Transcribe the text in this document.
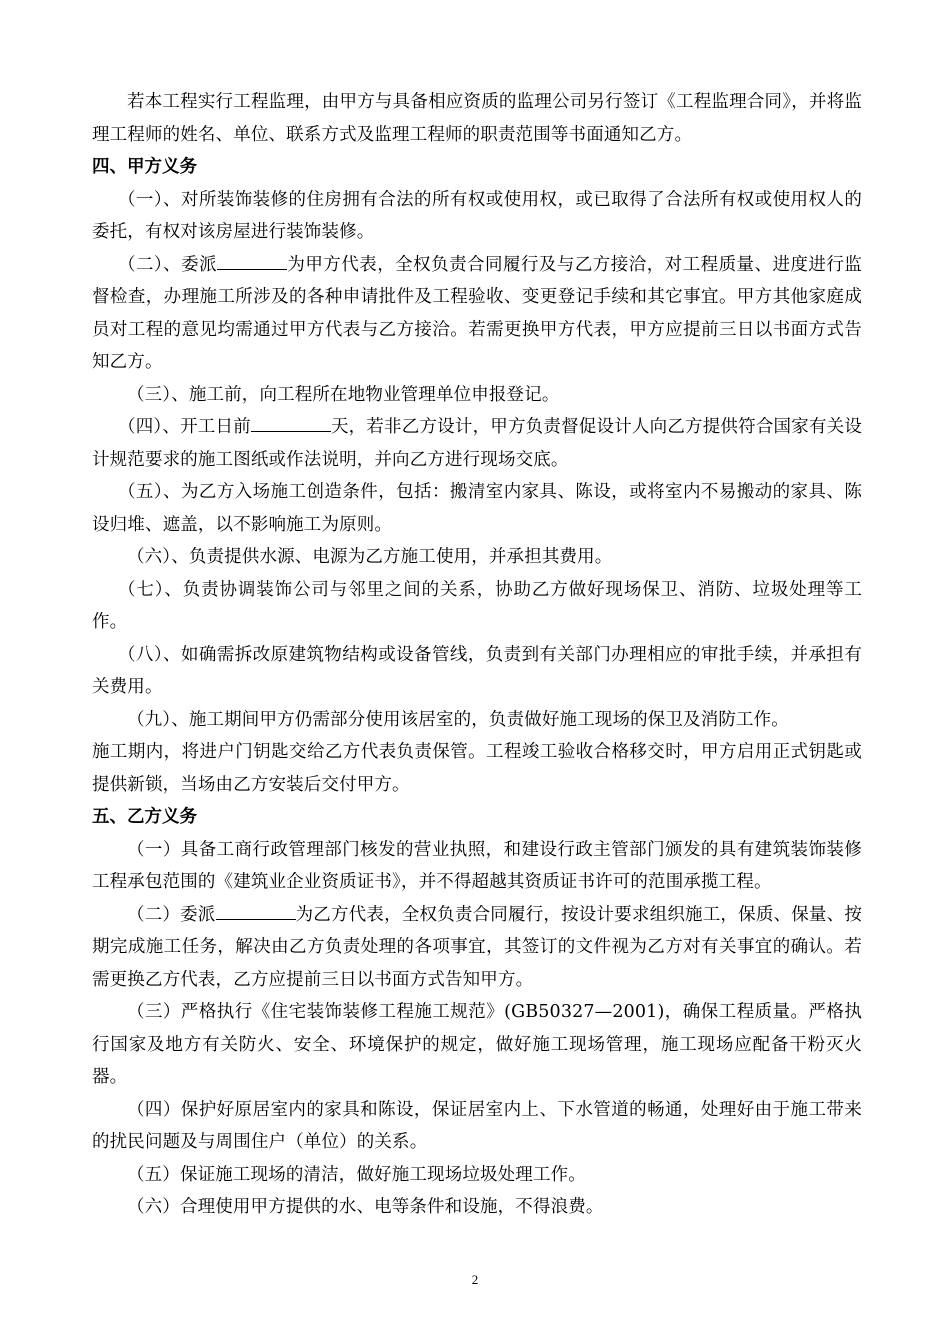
若本工程实行工程监理，由甲方与具备相应资质的监理公司另行签订《工程监理合同》，并将监理工程师的姓名、单位、联系方式及监理工程师的职责范围等书面通知乙方。

四、甲方义务

（一）、对所装饰装修的住房拥有合法的所有权或使用权，或已取得了合法所有权或使用权人的委托，有权对该房屋进行装饰装修。

（二）、委派	为甲方代表，全权负责合同履行及与乙方接洽，对工程质量、进度进行监督检查，办理施工所涉及的各种申请批件及工程验收、变更登记手续和其它事宜。甲方其他家庭成员对工程的意见均需通过甲方代表与乙方接洽。若需更换甲方代表，甲方应提前三日以书面方式告知乙方。

（三）、施工前，向工程所在地物业管理单位申报登记。

（四）、开工日前	天，若非乙方设计，甲方负责督促设计人向乙方提供符合国家有关设计规范要求的施工图纸或作法说明，并向乙方进行现场交底。

（五）、为乙方入场施工创造条件，包括：搬清室内家具、陈设，或将室内不易搬动的家具、陈设归堆、遮盖，以不影响施工为原则。

（六）、负责提供水源、电源为乙方施工使用，并承担其费用。

（七）、负责协调装饰公司与邻里之间的关系，协助乙方做好现场保卫、消防、垃圾处理等工作。

（八）、如确需拆改原建筑物结构或设备管线，负责到有关部门办理相应的审批手续，并承担有关费用。

（九）、施工期间甲方仍需部分使用该居室的，负责做好施工现场的保卫及消防工作。

施工期内，将进户门钥匙交给乙方代表负责保管。工程竣工验收合格移交时，甲方启用正式钥匙或提供新锁，当场由乙方安装后交付甲方。

五、乙方义务

（一）具备工商行政管理部门核发的营业执照，和建设行政主管部门颁发的具有建筑装饰装修工程承包范围的《建筑业企业资质证书》，并不得超越其资质证书许可的范围承揽工程。

（二）委派	为乙方代表，全权负责合同履行，按设计要求组织施工，保质、保量、按期完成施工任务，解决由乙方负责处理的各项事宜，其签订的文件视为乙方对有关事宜的确认。若需更换乙方代表，乙方应提前三日以书面方式告知甲方。

（三）严格执行《住宅装饰装修工程施工规范》(GB50327—2001)，确保工程质量。严格执行国家及地方有关防火、安全、环境保护的规定，做好施工现场管理，施工现场应配备干粉灭火器。

（四）保护好原居室内的家具和陈设，保证居室内上、下水管道的畅通，处理好由于施工带来的扰民问题及与周围住户（单位）的关系。

（五）保证施工现场的清洁，做好施工现场垃圾处理工作。

（六）合理使用甲方提供的水、电等条件和设施，不得浪费。

2
